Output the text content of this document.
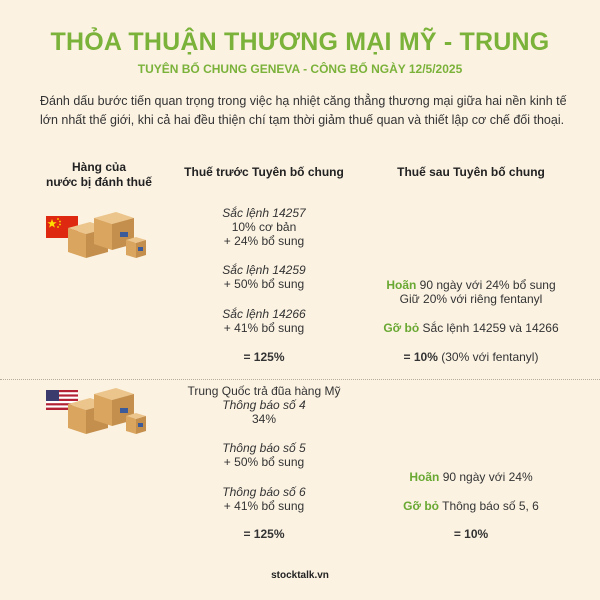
THỎA THUẬN THƯƠNG MẠI MỸ - TRUNG
TUYÊN BỐ CHUNG GENEVA - CÔNG BỐ NGÀY 12/5/2025
Đánh dấu bước tiến quan trọng trong việc hạ nhiệt căng thẳng thương mại giữa hai nền kinh tế lớn nhất thế giới, khi cả hai đều thiện chí tạm thời giảm thuế quan và thiết lập cơ chế đối thoại.
Hàng của
nước bị đánh thuế
Thuế trước Tuyên bố chung	Thuế sau Tuyên bố chung
Sắc lệnh 14257
10% cơ bản
+ 24% bổ sung
Sắc lệnh 14259
+ 50% bổ sung
Sắc lệnh 14266
+ 41% bổ sung
= 125%
Hoãn 90 ngày với 24% bổ sung
Giữ 20% với riêng fentanyl
Gỡ bỏ Sắc lệnh 14259 và 14266
= 10% (30% với fentanyl)
Trung Quốc trả đũa hàng Mỹ
Thông báo số 4
34%
Thông báo số 5
+ 50% bổ sung
Thông báo số 6
+ 41% bổ sung
= 125%
Hoãn 90 ngày với 24%
Gỡ bỏ Thông báo số 5, 6
= 10%
stocktalk.vn
